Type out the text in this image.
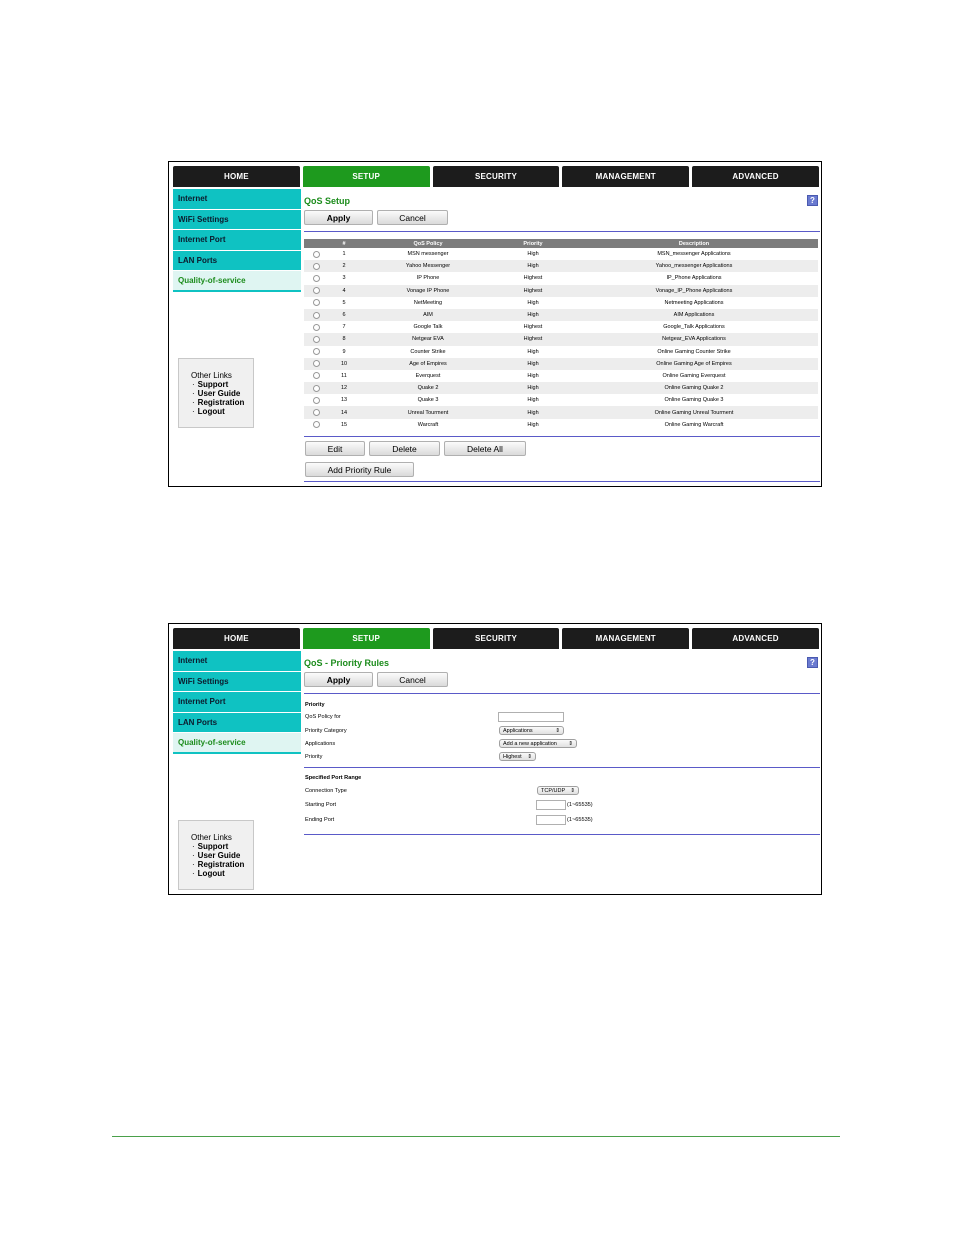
HOME	SETUP	SECURITY	MANAGEMENT	ADVANCED
Internet
WiFi Settings
Internet Port
LAN Ports
Quality-of-service
Other Links
· Support
· User Guide
· Registration
· Logout
QoS Setup	?
Apply	Cancel
	#	QoS Policy	Priority	Description
	1	MSN messenger	High	MSN_messenger Applications
	2	Yahoo Messenger	High	Yahoo_messenger Applications
	3	IP Phone	Highest	IP_Phone Applications
	4	Vonage IP Phone	Highest	Vonage_IP_Phone Applications
	5	NetMeeting	High	Netmeeting Applications
	6	AIM	High	AIM Applications
	7	Google Talk	Highest	Google_Talk Applications
	8	Netgear EVA	Highest	Netgear_EVA Applications
	9	Counter Strike	High	Online Gaming Counter Strike
	10	Age of Empires	High	Online Gaming Age of Empires
	11	Everquest	High	Online Gaming Everquest
	12	Quake 2	High	Online Gaming Quake 2
	13	Quake 3	High	Online Gaming Quake 3
	14	Unreal Tourment	High	Online Gaming Unreal Tourment
	15	Warcraft	High	Online Gaming Warcraft
Edit	Delete	Delete All
Add Priority Rule
HOME	SETUP	SECURITY	MANAGEMENT	ADVANCED
Internet
WiFi Settings
Internet Port
LAN Ports
Quality-of-service
Other Links
· Support
· User Guide
· Registration
· Logout
QoS - Priority Rules	?
Apply	Cancel
Priority
QoS Policy for
Priority Category	Applications	⇕
Applications	Add a new application ⇕
Priority	Highest ⇕
Specified Port Range
Connection Type	TCP/UDP ⇕
Starting Port	(1~65535)
Ending Port	(1~65535)
